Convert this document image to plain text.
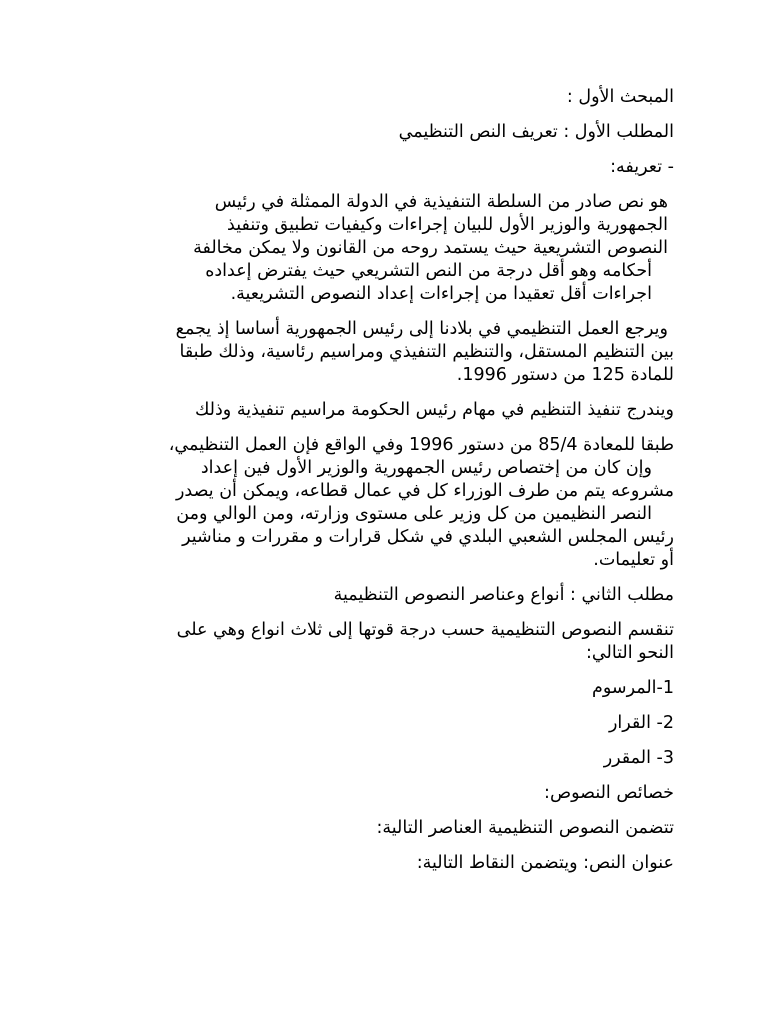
المبحث الأول :

المطلب الأول : تعريف النص التنظيمي

- تعريفه:

هو نص صادر من السلطة التنفيذية في الدولة الممثلة في رئيس
الجمهورية والوزير الأول للبيان إجراءات وكيفيات تطبيق وتنفيذ
النصوص التشريعية حيث يستمد روحه من القانون ولا يمكن مخالفة
أحكامه وهو أقل درجة من النص التشريعي حيث يفترض إعداده
اجراءات أقل تعقيدا من إجراءات إعداد النصوص التشريعية.
ويرجع العمل التنظيمي في بلادنا إلى رئيس الجمهورية أساسا إذ يجمع
بين التنظيم المستقل، والتنظيم التنفيذي ومراسيم رئاسية، وذلك طبقا
للمادة 125 من دستور 1996.
ويندرج تنفيذ التنظيم في مهام رئيس الحكومة مراسيم تنفيذية وذلك
طبقا للمعادة 85/4 من دستور 1996 وفي الواقع فإن العمل التنظيمي،
وإن كان من إختصاص رئيس الجمهورية والوزير الأول فين إعداد
مشروعه يتم من طرف الوزراء كل في عمال قطاعه، ويمكن أن يصدر
النصر النظيمين من كل وزير على مستوى وزارته، ومن الوالي ومن
رئيس المجلس الشعبي البلدي في شكل قرارات و مقررات و مناشير
أو تعليمات.

مطلب الثاني : أنواع وعناصر النصوص التنظيمية

تنقسم النصوص التنظيمية حسب درجة قوتها إلى ثلاث انواع وهي على
النحو التالي:

1-المرسوم

2- القرار

3- المقرر

خصائص النصوص:

تتضمن النصوص التنظيمية العناصر التالية:

عنوان النص: ويتضمن النقاط التالية:
